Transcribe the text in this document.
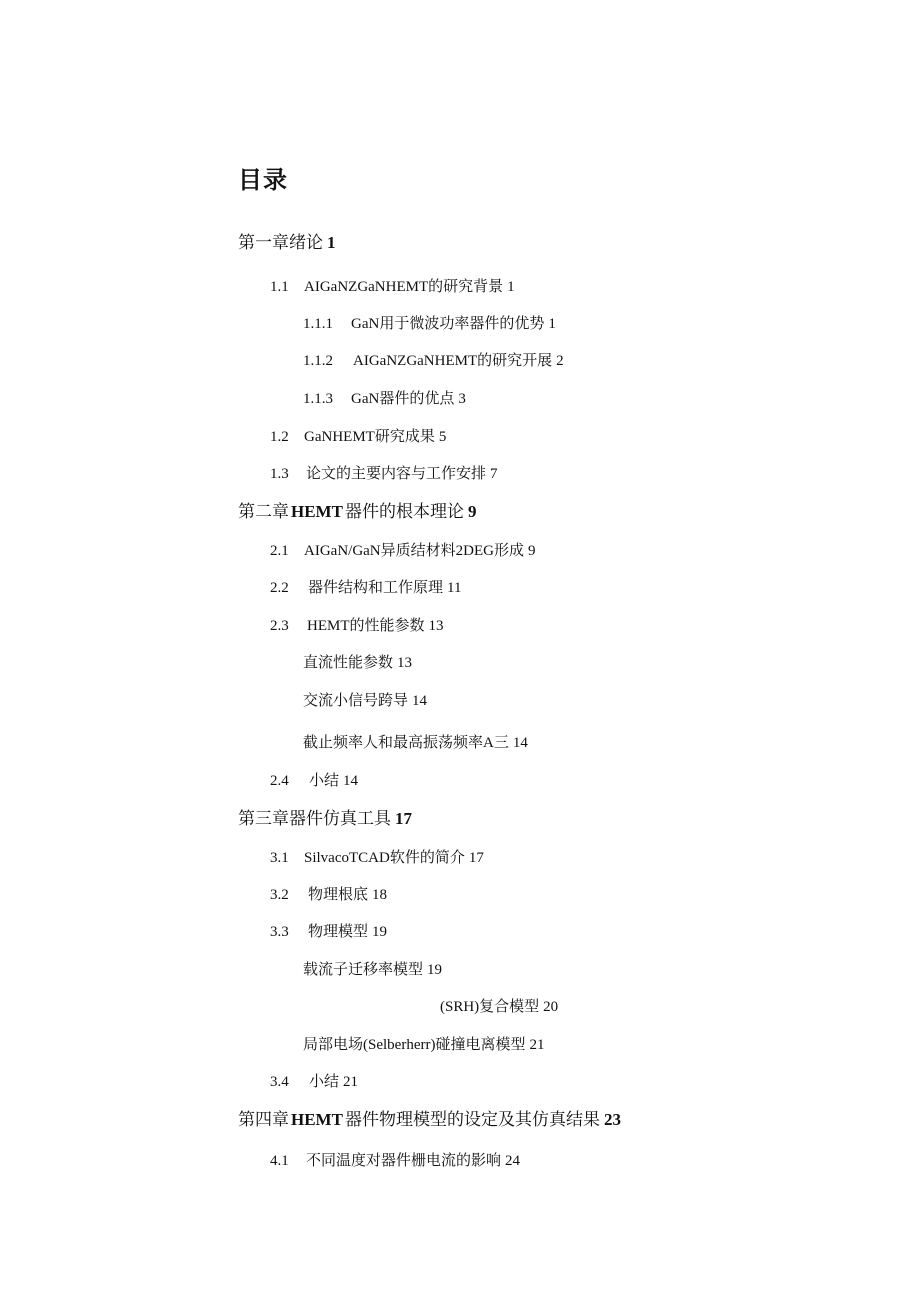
目录
第一章绪论 1
1.1 AIGaNZGaNHEMT的研究背景 1
1.1.1 GaN用于微波功率器件的优势 1
1.1.2 AIGaNZGaNHEMT的研究开展 2
1.1.3 GaN器件的优点 3
1.2 GaNHEMT研究成果 5
1.3 论文的主要内容与工作安排 7
第二章 HEMT 器件的根本理论 9
2.1 AIGaN/GaN异质结材料2DEG形成 9
2.2 器件结构和工作原理 11
2.3 HEMT的性能参数 13
直流性能参数 13
交流小信号跨导 14
截止频率人和最高振荡频率A三 14
2.4 小结 14
第三章器件仿真工具 17
3.1 SilvacoTCAD软件的简介 17
3.2 物理根底 18
3.3 物理模型 19
载流子迁移率模型 19
(SRH)复合模型 20
局部电场(Selberherr)碰撞电离模型 21
3.4 小结 21
第四章 HEMT 器件物理模型的设定及其仿真结果 23
4.1 不同温度对器件栅电流的影响 24
